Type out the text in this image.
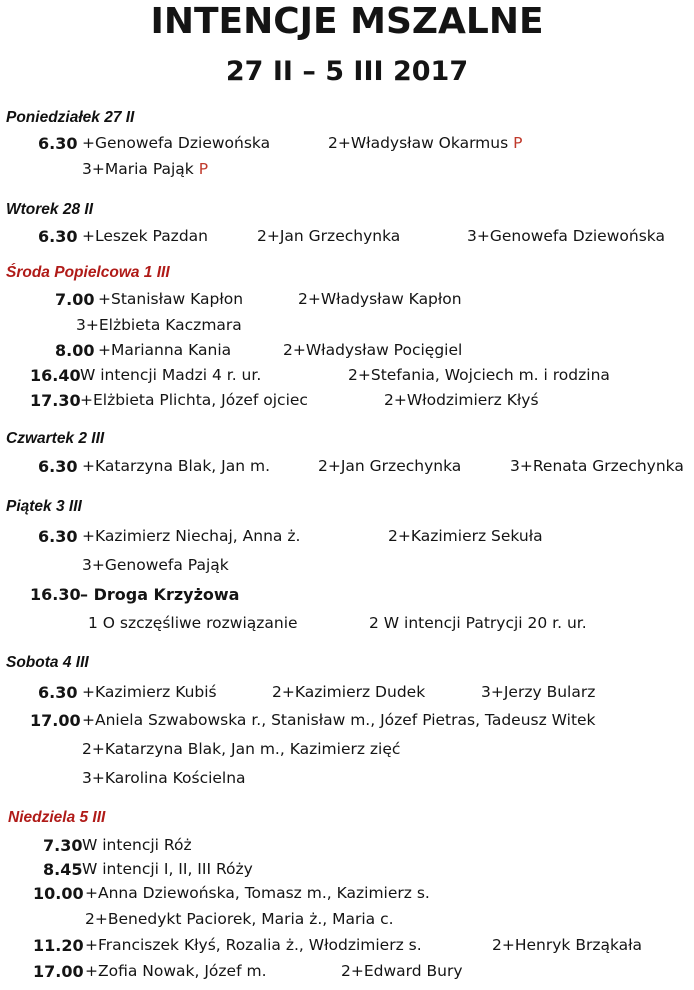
INTENCJE MSZALNE
27 II – 5 III 2017
Poniedziałek 27 II
6.30 +Genowefa Dziewońska	2+Władysław Okarmus P
3+Maria Pająk P
Wtorek 28 II
6.30 +Leszek Pazdan	2+Jan Grzechynka	3+Genowefa Dziewońska
Środa Popielcowa 1 III
7.00 +Stanisław Kapłon	2+Władysław Kapłon
3+Elżbieta Kaczmara
8.00 +Marianna Kania	2+Władysław Pocięgiel
16.40 W intencji Madzi 4 r. ur.	2+Stefania, Wojciech m. i rodzina
17.30 +Elżbieta Plichta, Józef ojciec	2+Włodzimierz Kłyś
Czwartek 2 III
6.30 +Katarzyna Blak, Jan m.	2+Jan Grzechynka	3+Renata Grzechynka
Piątek 3 III
6.30 +Kazimierz Niechaj, Anna ż.	2+Kazimierz Sekuła
3+Genowefa Pająk
16.30 – Droga Krzyżowa
1 O szczęśliwe rozwiązanie	2 W intencji Patrycji 20 r. ur.
Sobota 4 III
6.30 +Kazimierz Kubiś	2+Kazimierz Dudek	3+Jerzy Bularz
17.00 +Aniela Szwabowska r., Stanisław m., Józef Pietras, Tadeusz Witek
2+Katarzyna Blak, Jan m., Kazimierz zięć
3+Karolina Kościelna
Niedziela 5 III
7.30 W intencji Róż
8.45 W intencji I, II, III Róży
10.00 +Anna Dziewońska, Tomasz m., Kazimierz s.
2+Benedykt Paciorek, Maria ż., Maria c.
11.20 +Franciszek Kłyś, Rozalia ż., Włodzimierz s.	2+Henryk Brząkała
17.00 +Zofia Nowak, Józef m.	2+Edward Bury
